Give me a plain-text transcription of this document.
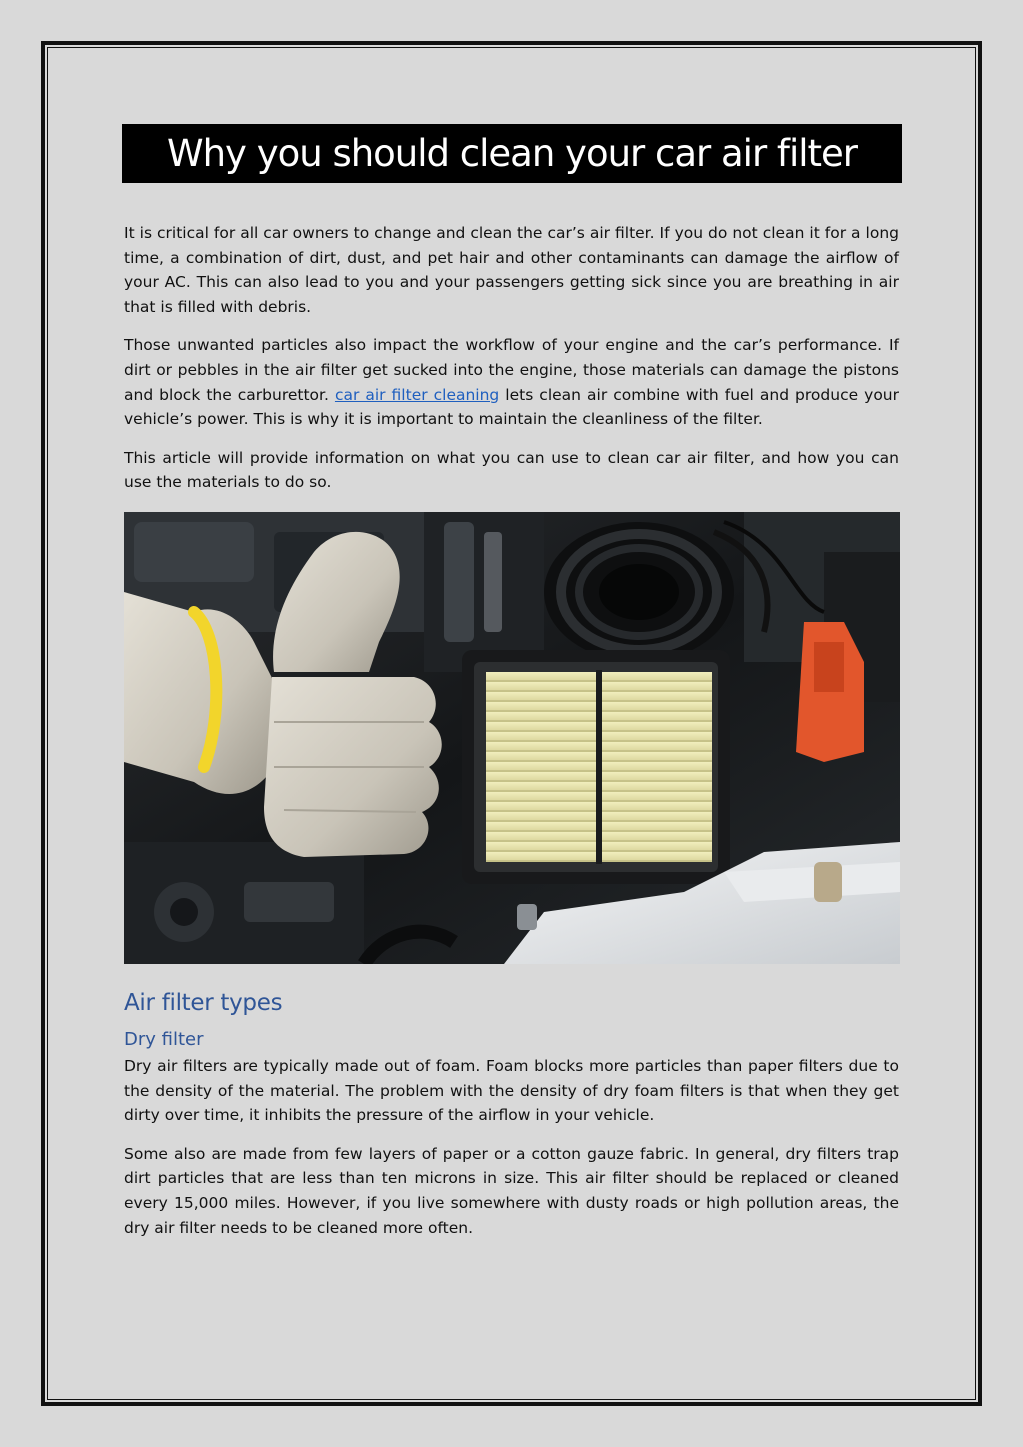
Why you should clean your car air filter

It is critical for all car owners to change and clean the car’s air filter. If you do not clean it for a long time, a combination of dirt, dust, and pet hair and other contaminants can damage the airflow of your AC. This can also lead to you and your passengers getting sick since you are breathing in air that is filled with debris.

Those unwanted particles also impact the workflow of your engine and the car’s performance. If dirt or pebbles in the air filter get sucked into the engine, those materials can damage the pistons and block the carburettor. car air filter cleaning lets clean air combine with fuel and produce your vehicle’s power. This is why it is important to maintain the cleanliness of the filter.

This article will provide information on what you can use to clean car air filter, and how you can use the materials to do so.

Air filter types
Dry filter

Dry air filters are typically made out of foam. Foam blocks more particles than paper filters due to the density of the material. The problem with the density of dry foam filters is that when they get dirty over time, it inhibits the pressure of the airflow in your vehicle.

Some also are made from few layers of paper or a cotton gauze fabric. In general, dry filters trap dirt particles that are less than ten microns in size. This air filter should be replaced or cleaned every 15,000 miles. However, if you live somewhere with dusty roads or high pollution areas, the dry air filter needs to be cleaned more often.
